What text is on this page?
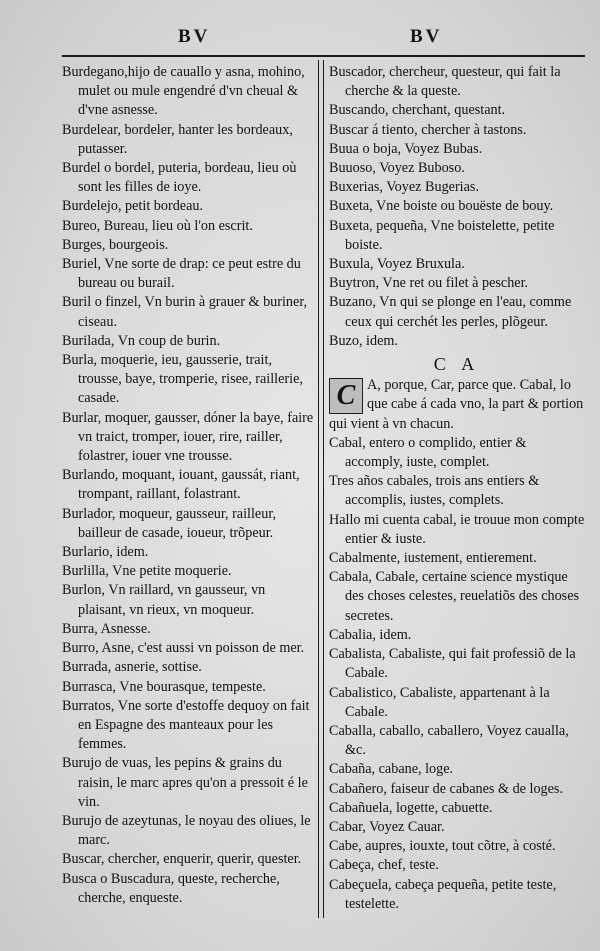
BV	BV

Burdegano,hijo de cauallo y asna, mohino, mulet ou mule engendré d'vn cheual & d'vne asnesse.

Burdelear, bordeler, hanter les bordeaux, putasser.

Burdel o bordel, puteria, bordeau, lieu où sont les filles de ioye.

Burdelejo, petit bordeau.

Bureo, Bureau, lieu où l'on escrit.

Burges, bourgeois.

Buriel, Vne sorte de drap: ce peut estre du bureau ou burail.

Buril o finzel, Vn burin à grauer & buriner, ciseau.

Burilada, Vn coup de burin.

Burla, moquerie, ieu, gausserie, trait, trousse, baye, tromperie, risee, raillerie, casade.

Burlar, moquer, gausser, dóner la baye, faire vn traict, tromper, iouer, rire, railler, folastrer, iouer vne trousse.

Burlando, moquant, iouant, gaussát, riant, trompant, raillant, folastrant.

Burlador, moqueur, gausseur, railleur, bailleur de casade, ioueur, trõpeur.

Burlario, idem.

Burlilla, Vne petite moquerie.

Burlon, Vn raillard, vn gausseur, vn plaisant, vn rieux, vn moqueur.

Burra, Asnesse.

Burro, Asne, c'est aussi vn poisson de mer.

Burrada, asnerie, sottise.

Burrasca, Vne bourasque, tempeste.

Burratos, Vne sorte d'estoffe dequoy on fait en Espagne des manteaux pour les femmes.

Burujo de vuas, les pepins & grains du raisin, le marc apres qu'on a pressoit é le vin.

Burujo de azeytunas, le noyau des oliues, le marc.

Buscar, chercher, enquerir, querir, quester.

Busca o Buscadura, queste, recherche, cherche, enqueste.

Buscador, chercheur, questeur, qui fait la cherche & la queste.

Buscando, cherchant, questant.

Buscar á tiento, chercher à tastons.

Buua o boja, Voyez Bubas.

Buuoso, Voyez Buboso.

Buxerias, Voyez Bugerias.

Buxeta, Vne boiste ou bouëste de bouy.

Buxeta, pequeña, Vne boistelette, petite boiste.

Buxula, Voyez Bruxula.

Buytron, Vne ret ou filet à pescher.

Buzano, Vn qui se plonge en l'eau, comme ceux qui cerchét les perles, plõgeur.

Buzo, idem.

C A

C A, porque, Car, parce que. Cabal, lo que cabe á cada vno, la part & portion qui vient à vn chacun.

Cabal, entero o complido, entier & accomply, iuste, complet.

Tres años cabales, trois ans entiers & accomplis, iustes, complets.

Hallo mi cuenta cabal, ie trouue mon compte entier & iuste.

Cabalmente, iustement, entierement.

Cabala, Cabale, certaine science mystique des choses celestes, reuelatiõs des choses secretes.

Cabalia, idem.

Cabalista, Cabaliste, qui fait professiõ de la Cabale.

Cabalistico, Cabaliste, appartenant à la Cabale.

Caballa, caballo, caballero, Voyez caualla, &c.

Cabaña, cabane, loge.

Cabañero, faiseur de cabanes & de loges.

Cabañuela, logette, cabuette.

Cabar, Voyez Cauar.

Cabe, aupres, iouxte, tout cõtre, à costé.

Cabeça, chef, teste.

Cabeçuela, cabeça pequeña, petite teste, testelette.
